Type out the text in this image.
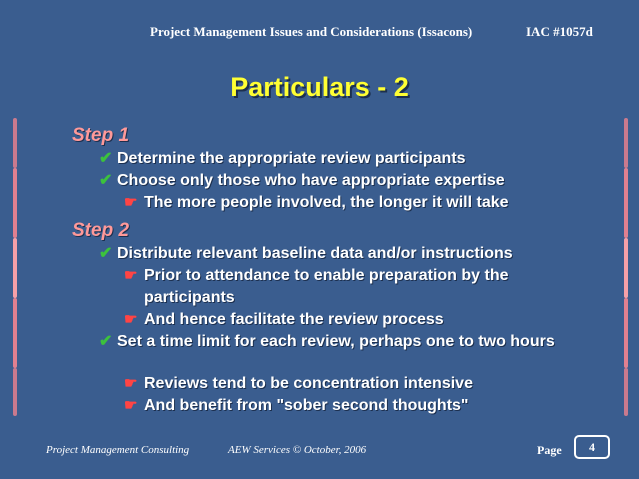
Project Management Issues and Considerations (Issacons)	IAC #1057d
Particulars - 2
Step 1
✔ Determine the appropriate review participants
✔ Choose only those who have appropriate expertise
☛ The more people involved, the longer it will take
Step 2
✔ Distribute relevant baseline data and/or instructions
☛ Prior to attendance to enable preparation by the participants
☛ And hence facilitate the review process
✔ Set a time limit for each review, perhaps one to two hours
☛ Reviews tend to be concentration intensive
☛ And benefit from "sober second thoughts"
Project Management Consulting	AEW Services © October, 2006	Page	4
